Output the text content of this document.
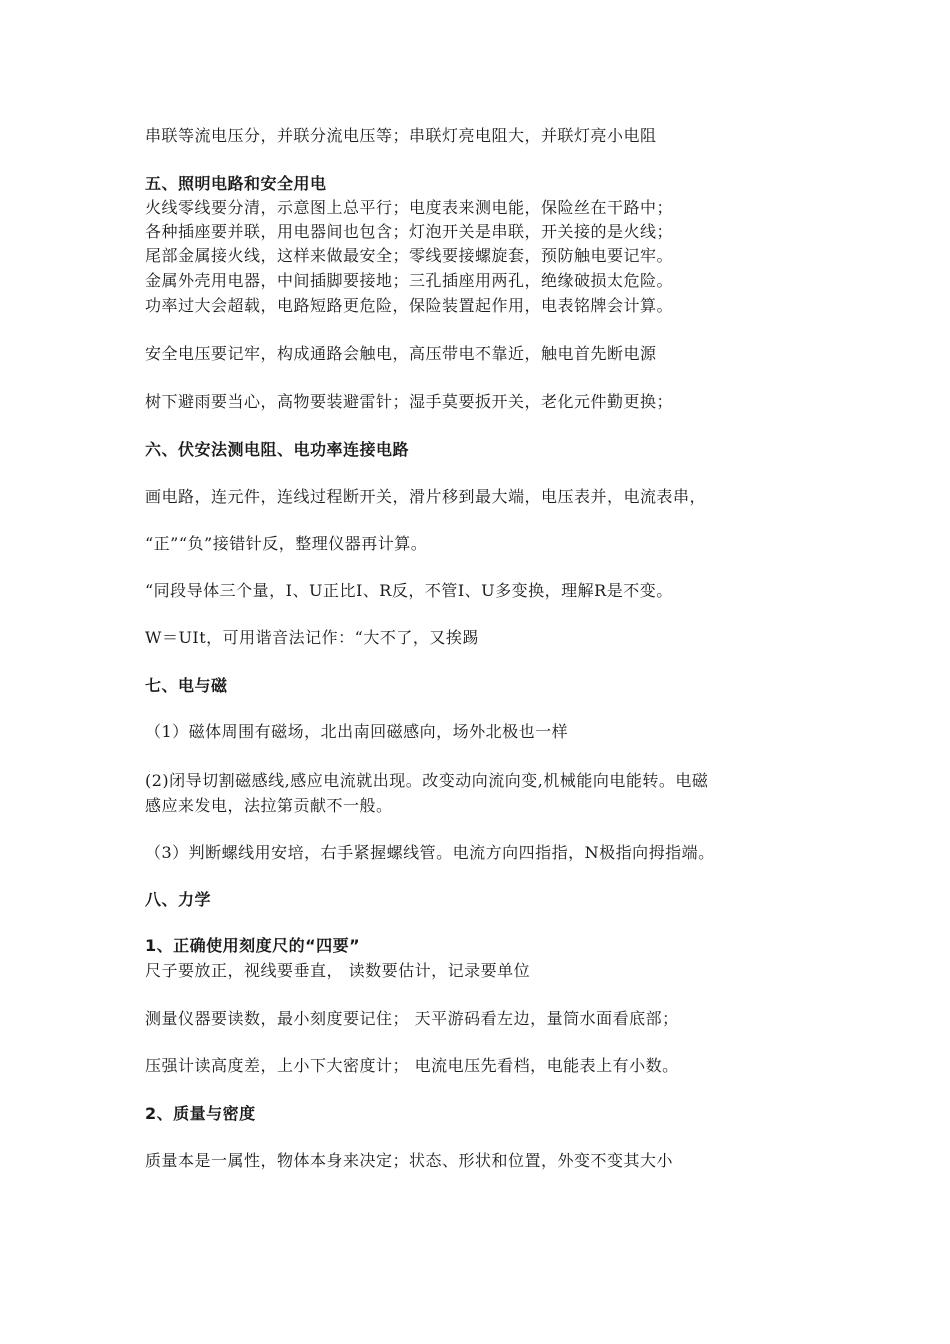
串联等流电压分，并联分流电压等；串联灯亮电阻大，并联灯亮小电阻
五、照明电路和安全用电
火线零线要分清，示意图上总平行；电度表来测电能，保险丝在干路中；
各种插座要并联，用电器间也包含；灯泡开关是串联，开关接的是火线；
尾部金属接火线，这样来做最安全；零线要接螺旋套，预防触电要记牢。
金属外壳用电器，中间插脚要接地；三孔插座用两孔，绝缘破损太危险。
功率过大会超载，电路短路更危险，保险装置起作用，电表铭牌会计算。
安全电压要记牢，构成通路会触电，高压带电不靠近，触电首先断电源
树下避雨要当心，高物要装避雷针；湿手莫要扳开关，老化元件勤更换；
六、伏安法测电阻、电功率连接电路
画电路，连元件，连线过程断开关，滑片移到最大端，电压表并，电流表串，
“正”“负”接错针反，整理仪器再计算。
“同段导体三个量，I、U正比I、R反，不管I、U多变换，理解R是不变。
W＝UIt，可用谐音法记作：“大不了，又挨踢
七、电与磁
（1）磁体周围有磁场，北出南回磁感向，场外北极也一样
(2)闭导切割磁感线,感应电流就出现。改变动向流向变,机械能向电能转。电磁
感应来发电，法拉第贡献不一般。
（3）判断螺线用安培，右手紧握螺线管。电流方向四指指，N极指向拇指端。
八、力学
1、正确使用刻度尺的“四要”
尺子要放正，视线要垂直， 读数要估计，记录要单位
测量仪器要读数，最小刻度要记住； 天平游码看左边，量筒水面看底部；
压强计读高度差，上小下大密度计； 电流电压先看档，电能表上有小数。
2、质量与密度
质量本是一属性，物体本身来决定；状态、形状和位置，外变不变其大小
